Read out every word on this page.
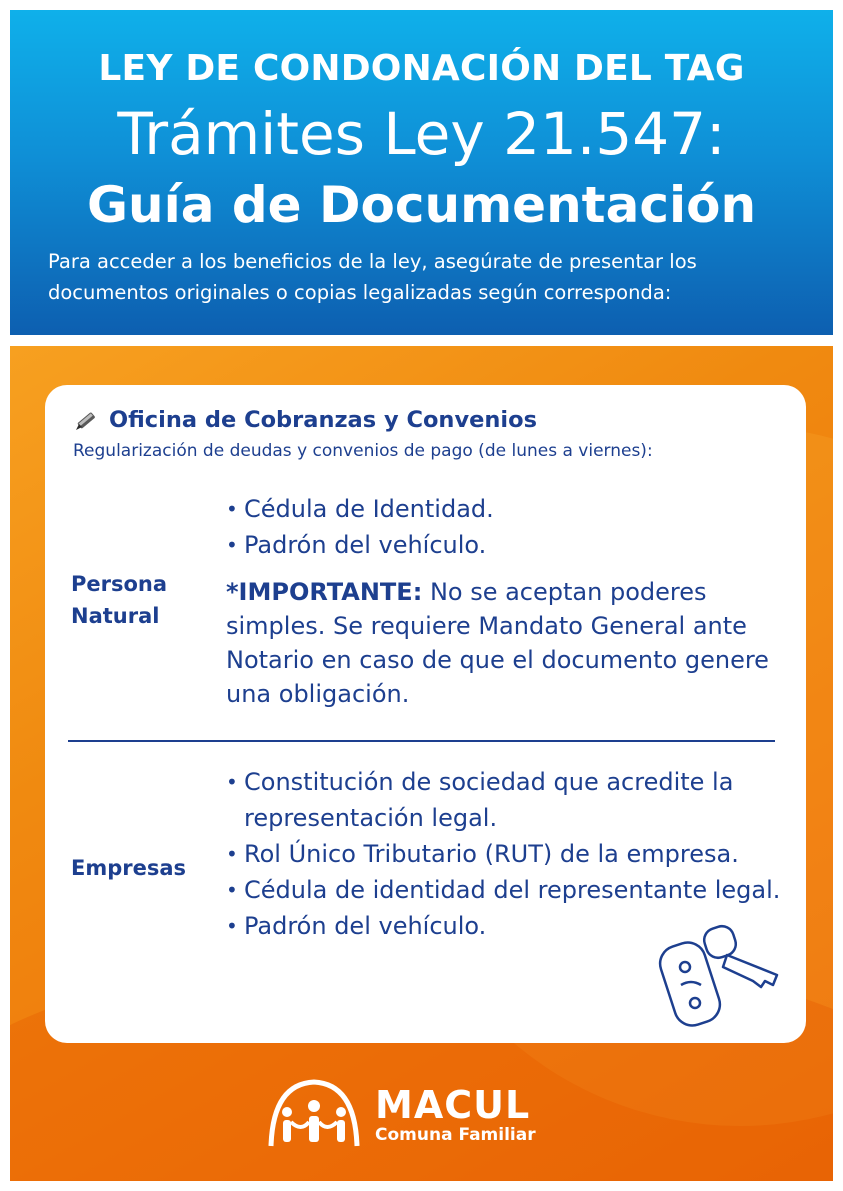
LEY DE CONDONACIÓN DEL TAG
Trámites Ley 21.547:
Guía de Documentación
Para acceder a los beneficios de la ley, asegúrate de presentar los documentos originales o copias legalizadas según corresponda:
Oficina de Cobranzas y Convenios
Regularización de deudas y convenios de pago (de lunes a viernes):
Persona Natural
• Cédula de Identidad.
• Padrón del vehículo.
*IMPORTANTE: No se aceptan poderes simples. Se requiere Mandato General ante Notario en caso de que el documento genere una obligación.
Empresas
• Constitución de sociedad que acredite la representación legal.
• Rol Único Tributario (RUT) de la empresa.
• Cédula de identidad del representante legal.
• Padrón del vehículo.
MACUL
Comuna Familiar
